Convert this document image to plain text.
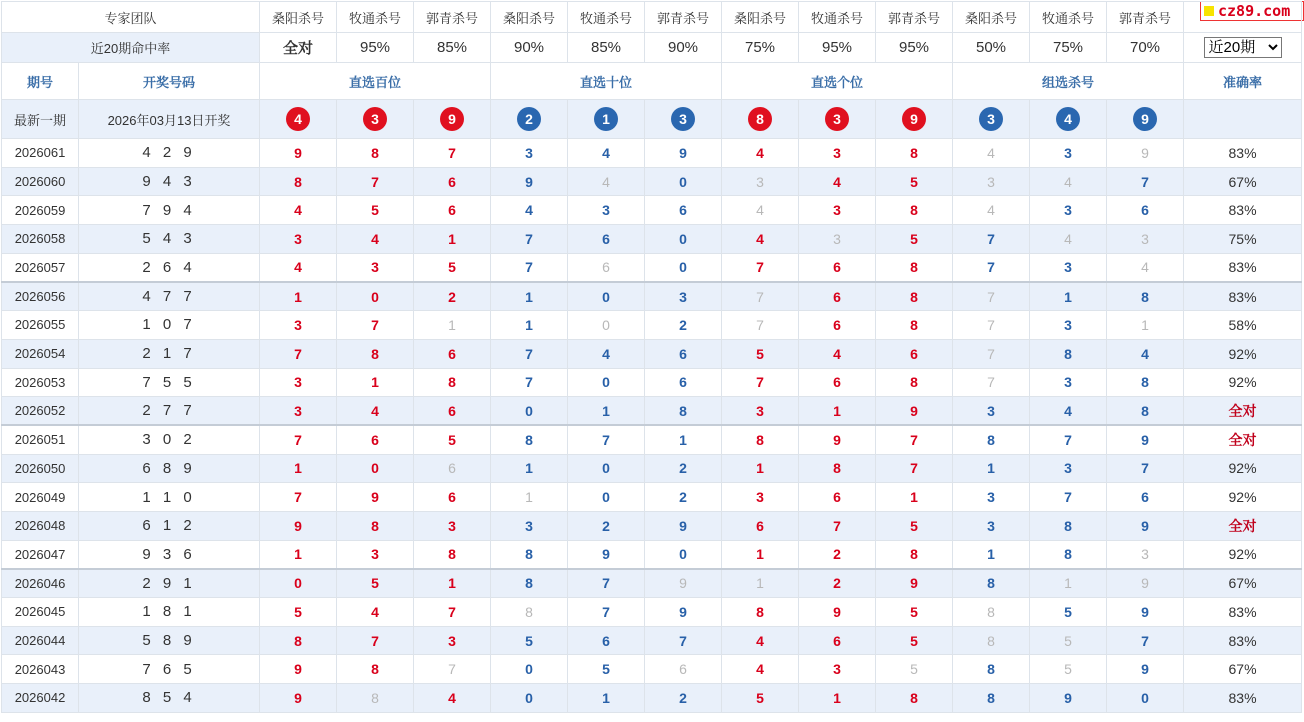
cz89.com
专家团队		桑阳杀号	牧通杀号	郭青杀号	桑阳杀号	牧通杀号	郭青杀号	桑阳杀号	牧通杀号	郭青杀号	桑阳杀号	牧通杀号	郭青杀号	
近20期命中率		全对	95%	85%	90%	85%	90%	75%	95%	95%	50%	75%	70%	
近20期
期号	开奖号码	直选百位			直选十位			直选个位			组选杀号			准确率
最新一期	2026年03月13日开奖	4	3	9	2	1	3	8	3	9	3	4	9	
2026061	4 2 9	9	8	7	3	4	9	4	3	8	4	3	9	83%
2026060	9 4 3	8	7	6	9	4	0	3	4	5	3	4	7	67%
2026059	7 9 4	4	5	6	4	3	6	4	3	8	4	3	6	83%
2026058	5 4 3	3	4	1	7	6	0	4	3	5	7	4	3	75%
2026057	2 6 4	4	3	5	7	6	0	7	6	8	7	3	4	83%
2026056	4 7 7	1	0	2	1	0	3	7	6	8	7	1	8	83%
2026055	1 0 7	3	7	1	1	0	2	7	6	8	7	3	1	58%
2026054	2 1 7	7	8	6	7	4	6	5	4	6	7	8	4	92%
2026053	7 5 5	3	1	8	7	0	6	7	6	8	7	3	8	92%
2026052	2 7 7	3	4	6	0	1	8	3	1	9	3	4	8	全对
2026051	3 0 2	7	6	5	8	7	1	8	9	7	8	7	9	全对
2026050	6 8 9	1	0	6	1	0	2	1	8	7	1	3	7	92%
2026049	1 1 0	7	9	6	1	0	2	3	6	1	3	7	6	92%
2026048	6 1 2	9	8	3	3	2	9	6	7	5	3	8	9	全对
2026047	9 3 6	1	3	8	8	9	0	1	2	8	1	8	3	92%
2026046	2 9 1	0	5	1	8	7	9	1	2	9	8	1	9	67%
2026045	1 8 1	5	4	7	8	7	9	8	9	5	8	5	9	83%
2026044	5 8 9	8	7	3	5	6	7	4	6	5	8	5	7	83%
2026043	7 6 5	9	8	7	0	5	6	4	3	5	8	5	9	67%
2026042	8 5 4	9	8	4	0	1	2	5	1	8	8	9	0	83%
